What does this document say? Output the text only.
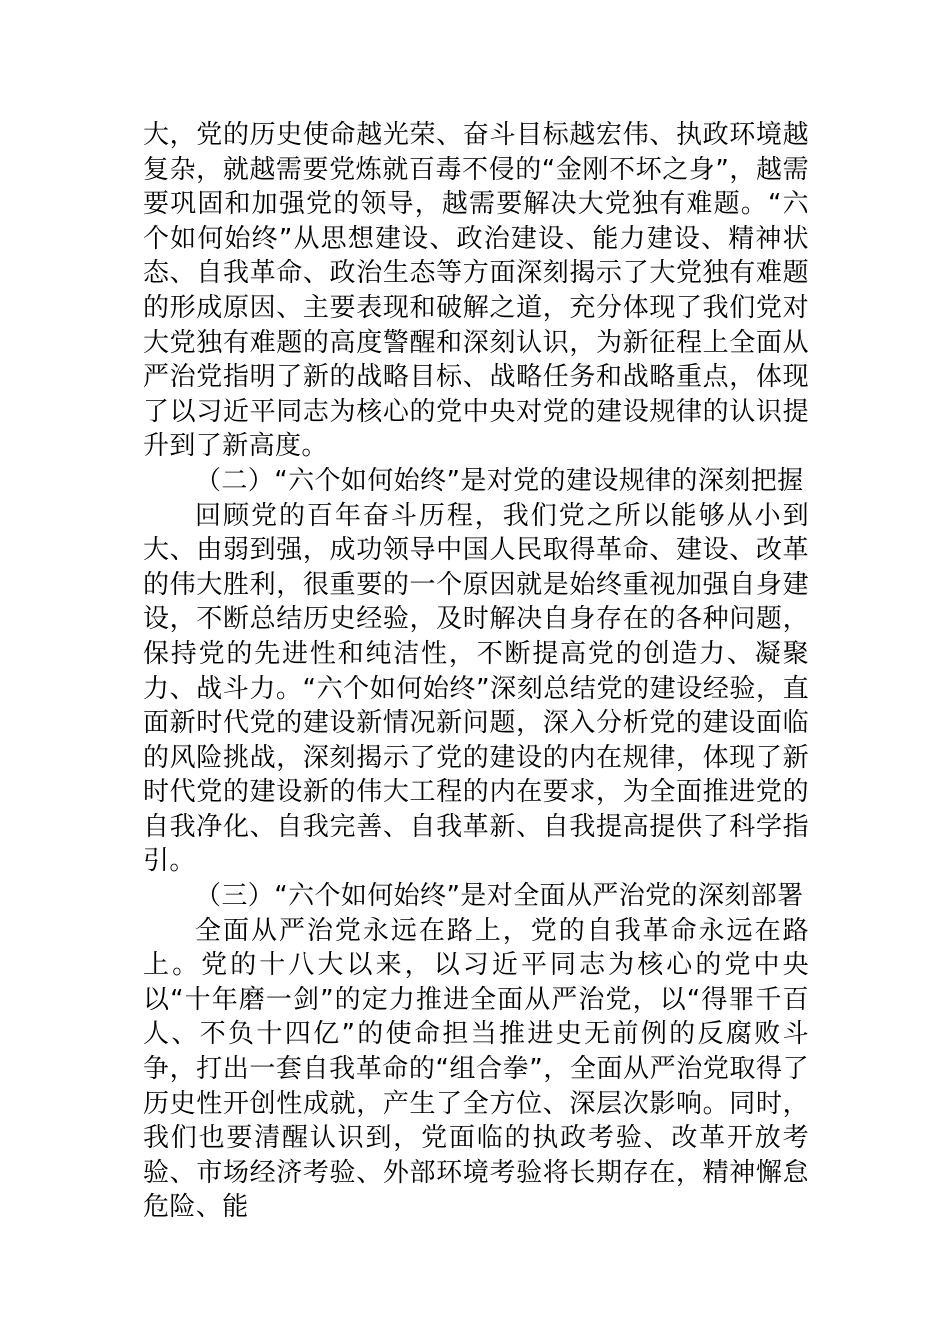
大，党的历史使命越光荣、奋斗目标越宏伟、执政环境越复杂，就越需要党炼就百毒不侵的“金刚不坏之身”，越需要巩固和加强党的领导，越需要解决大党独有难题。“六个如何始终”从思想建设、政治建设、能力建设、精神状态、自我革命、政治生态等方面深刻揭示了大党独有难题的形成原因、主要表现和破解之道，充分体现了我们党对大党独有难题的高度警醒和深刻认识，为新征程上全面从严治党指明了新的战略目标、战略任务和战略重点，体现了以习近平同志为核心的党中央对党的建设规律的认识提升到了新高度。

（二）“六个如何始终”是对党的建设规律的深刻把握

回顾党的百年奋斗历程，我们党之所以能够从小到大、由弱到强，成功领导中国人民取得革命、建设、改革的伟大胜利，很重要的一个原因就是始终重视加强自身建设，不断总结历史经验，及时解决自身存在的各种问题，保持党的先进性和纯洁性，不断提高党的创造力、凝聚力、战斗力。“六个如何始终”深刻总结党的建设经验，直面新时代党的建设新情况新问题，深入分析党的建设面临的风险挑战，深刻揭示了党的建设的内在规律，体现了新时代党的建设新的伟大工程的内在要求，为全面推进党的自我净化、自我完善、自我革新、自我提高提供了科学指引。

（三）“六个如何始终”是对全面从严治党的深刻部署

全面从严治党永远在路上，党的自我革命永远在路上。党的十八大以来，以习近平同志为核心的党中央以“十年磨一剑”的定力推进全面从严治党，以“得罪千百人、不负十四亿”的使命担当推进史无前例的反腐败斗争，打出一套自我革命的“组合拳”，全面从严治党取得了历史性开创性成就，产生了全方位、深层次影响。同时，我们也要清醒认识到，党面临的执政考验、改革开放考验、市场经济考验、外部环境考验将长期存在，精神懈怠危险、能
